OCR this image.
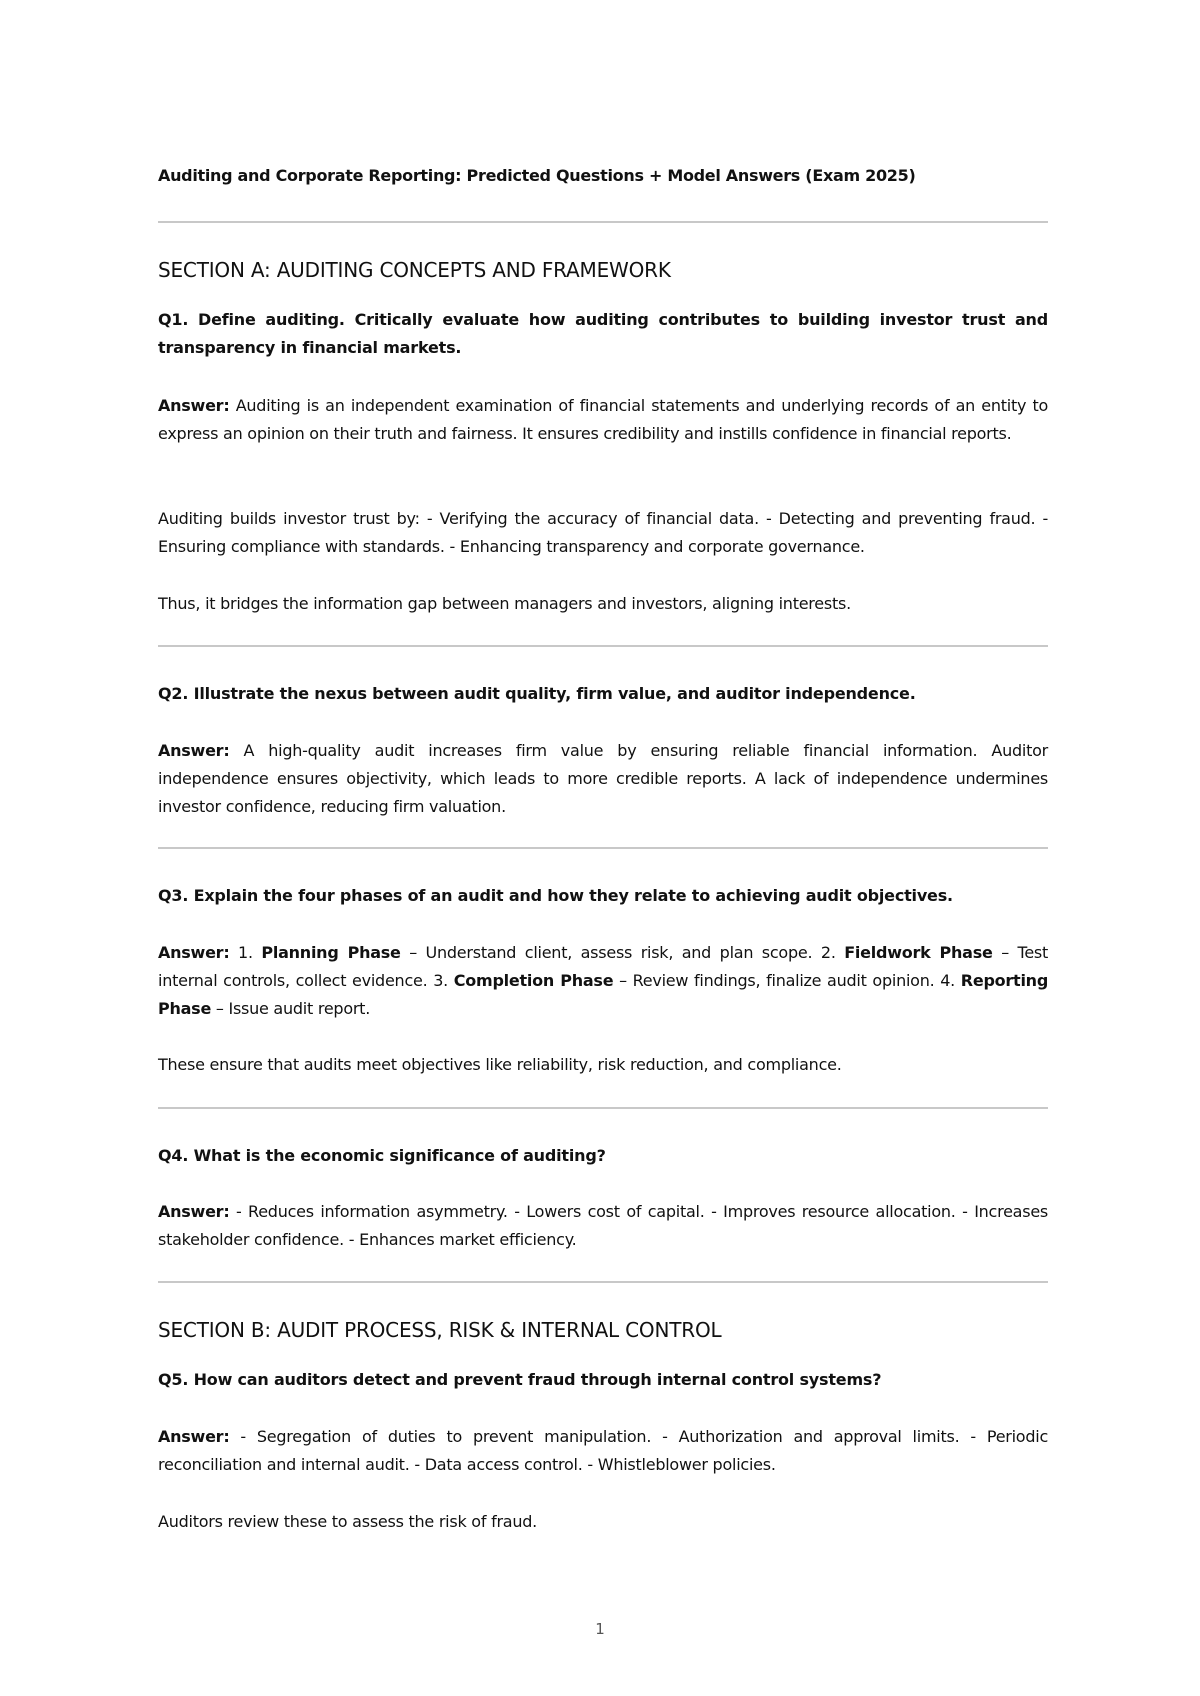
Auditing and Corporate Reporting: Predicted Questions + Model Answers (Exam 2025)
SECTION A: AUDITING CONCEPTS AND FRAMEWORK
Q1. Define auditing. Critically evaluate how auditing contributes to building investor trust and transparency in financial markets.
Answer: Auditing is an independent examination of financial statements and underlying records of an entity to express an opinion on their truth and fairness. It ensures credibility and instills confidence in financial reports.
Auditing builds investor trust by: - Verifying the accuracy of financial data. - Detecting and preventing fraud. - Ensuring compliance with standards. - Enhancing transparency and corporate governance.
Thus, it bridges the information gap between managers and investors, aligning interests.
Q2. Illustrate the nexus between audit quality, firm value, and auditor independence.
Answer: A high-quality audit increases firm value by ensuring reliable financial information. Auditor independence ensures objectivity, which leads to more credible reports. A lack of independence undermines investor confidence, reducing firm valuation.
Q3. Explain the four phases of an audit and how they relate to achieving audit objectives.
Answer: 1. Planning Phase – Understand client, assess risk, and plan scope. 2. Fieldwork Phase – Test internal controls, collect evidence. 3. Completion Phase – Review findings, finalize audit opinion. 4. Reporting Phase – Issue audit report.
These ensure that audits meet objectives like reliability, risk reduction, and compliance.
Q4. What is the economic significance of auditing?
Answer: - Reduces information asymmetry. - Lowers cost of capital. - Improves resource allocation. - Increases stakeholder confidence. - Enhances market efficiency.
SECTION B: AUDIT PROCESS, RISK & INTERNAL CONTROL
Q5. How can auditors detect and prevent fraud through internal control systems?
Answer: - Segregation of duties to prevent manipulation. - Authorization and approval limits. - Periodic reconciliation and internal audit. - Data access control. - Whistleblower policies.
Auditors review these to assess the risk of fraud.
1
